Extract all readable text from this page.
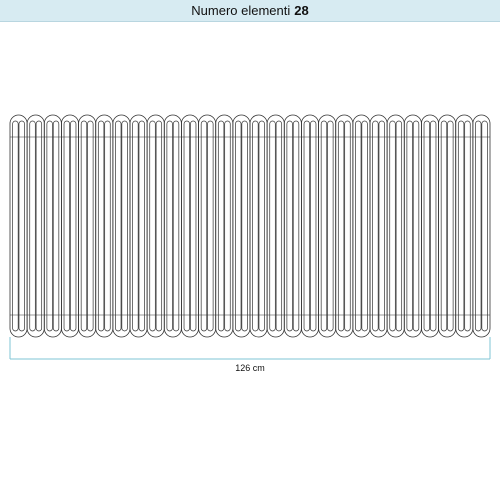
Numero elementi 28
126 cm
